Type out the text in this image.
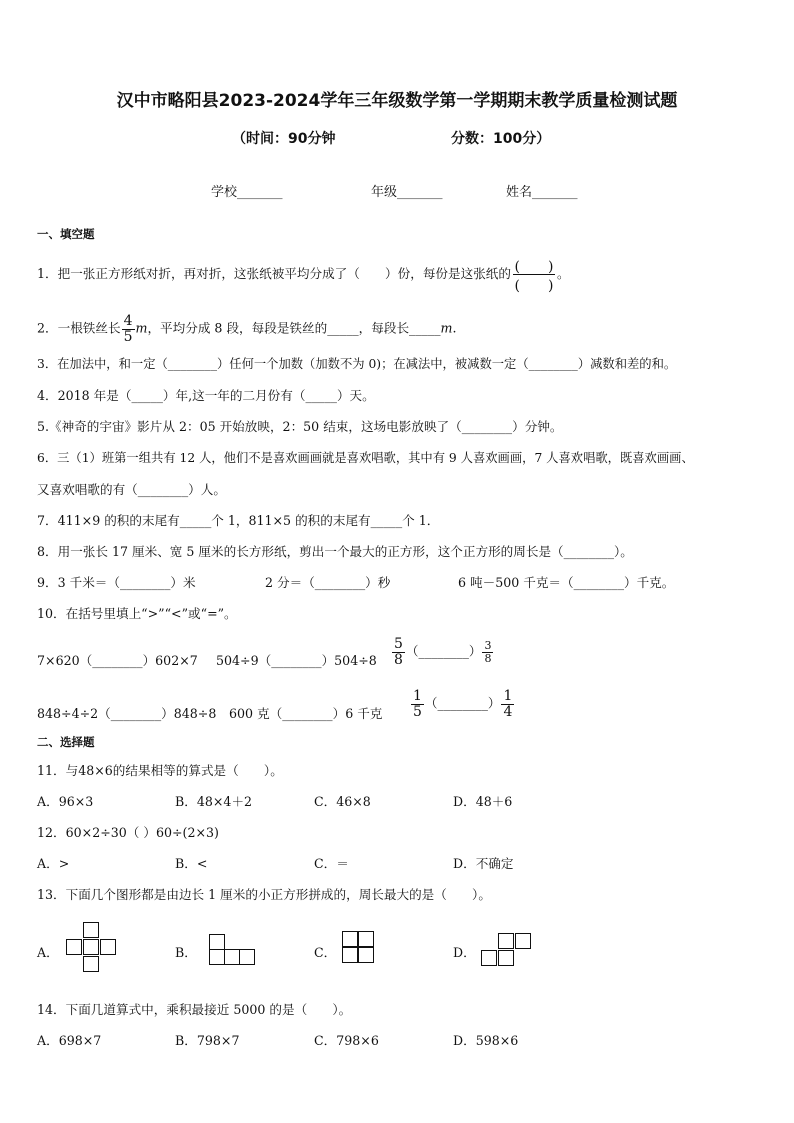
汉中市略阳县2023-2024学年三年级数学第一学期期末教学质量检测试题
（时间：90分钟	分数：100分）
学校_______	年级_______	姓名_______
一、填空题
1．把一张正方形纸对折，再对折，这张纸被平均分成了（　　）份，每份是这张纸的 $\frac{( )}{( )}$ 。
2．一根铁丝长 $\frac{4}{5}$ m，平均分成 8 段，每段是铁丝的_____，每段长_____m.
3．在加法中，和一定（________）任何一个加数（加数不为 0)；在减法中，被减数一定（________）减数和差的和。
4．2018 年是（_____）年,这一年的二月份有（_____）天。
5.《神奇的宇宙》影片从 2：05 开始放映，2：50 结束，这场电影放映了（________）分钟。
6．三（1）班第一组共有 12 人，他们不是喜欢画画就是喜欢唱歌，其中有 9 人喜欢画画，7 人喜欢唱歌，既喜欢画画、
又喜欢唱歌的有（________）人。
7．411×9 的积的末尾有_____个 1，811×5 的积的末尾有_____个 1．
8．用一张长 17 厘米、宽 5 厘米的长方形纸，剪出一个最大的正方形，这个正方形的周长是（________）。
9．3 千米＝（________）米	2 分＝（________）秒	6 吨－500 千克＝（________）千克。
10．在括号里填上“>”“<”或“=”。
7×620（________）602×7 504÷9（________）504÷8 $\frac{5}{8}$ （________） $\frac{3}{8}$
848÷4÷2（________）848÷8 600 克（________）6 千克 $\frac{1}{5}$ （________） $\frac{1}{4}$
二、选择题
11．与48×6的结果相等的算式是（　　）。
A．96×3	B．48×4＋2	C．46×8	D．48＋6
12．60×2÷30（ ）60÷(2×3)
A．>	B．<	C．＝	D．不确定
13．下面几个图形都是由边长 1 厘米的小正方形拼成的，周长最大的是（　　）。
A．	B．	C．	D．
14．下面几道算式中，乘积最接近 5000 的是（　　）。
A．698×7	B．798×7	C．798×6	D．598×6
